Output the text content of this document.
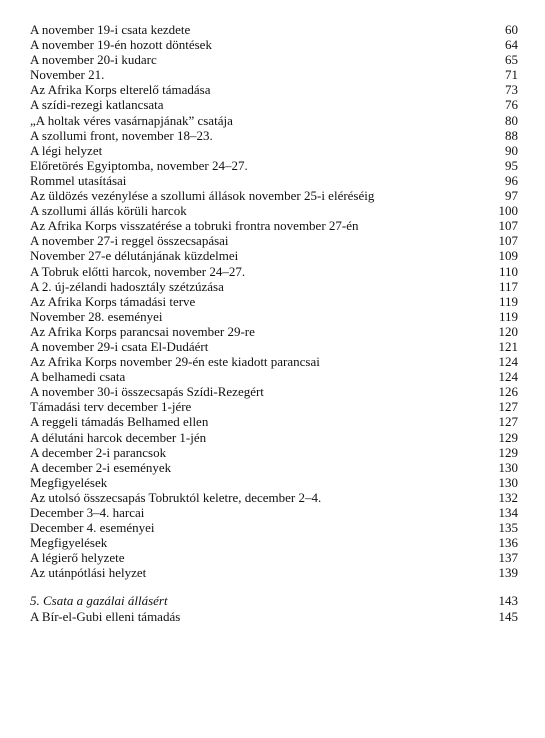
A november 19-i csata kezdete	60
A november 19-én hozott döntések	64
A november 20-i kudarc	65
November 21.	71
Az Afrika Korps elterelő támadása	73
A szídi-rezegi katlancsata	76
„A holtak véres vasárnapjának” csatája	80
A szollumi front, november 18–23.	88
A légi helyzet	90
Előretörés Egyiptomba, november 24–27.	95
Rommel utasításai	96
Az üldözés vezénylése a szollumi állások november 25-i eléréséig	97
A szollumi állás körüli harcok	100
Az Afrika Korps visszatérése a tobruki frontra november 27-én	107
A november 27-i reggel összecsapásai	107
November 27-e délutánjának küzdelmei	109
A Tobruk előtti harcok, november 24–27.	110
A 2. új-zélandi hadosztály szétzúzása	117
Az Afrika Korps támadási terve	119
November 28. eseményei	119
Az Afrika Korps parancsai november 29-re	120
A november 29-i csata El-Dudáért	121
Az Afrika Korps november 29-én este kiadott parancsai	124
A belhamedi csata	124
A november 30-i összecsapás Szídi-Rezegért	126
Támadási terv december 1-jére	127
A reggeli támadás Belhamed ellen	127
A délutáni harcok december 1-jén	129
A december 2-i parancsok	129
A december 2-i események	130
Megfigyelések	130
Az utolsó összecsapás Tobruktól keletre, december 2–4.	132
December 3–4. harcai	134
December 4. eseményei	135
Megfigyelések	136
A légierő helyzete	137
Az utánpótlási helyzet	139
5. Csata a gazálai állásért	143
A Bír-el-Gubi elleni támadás	145
